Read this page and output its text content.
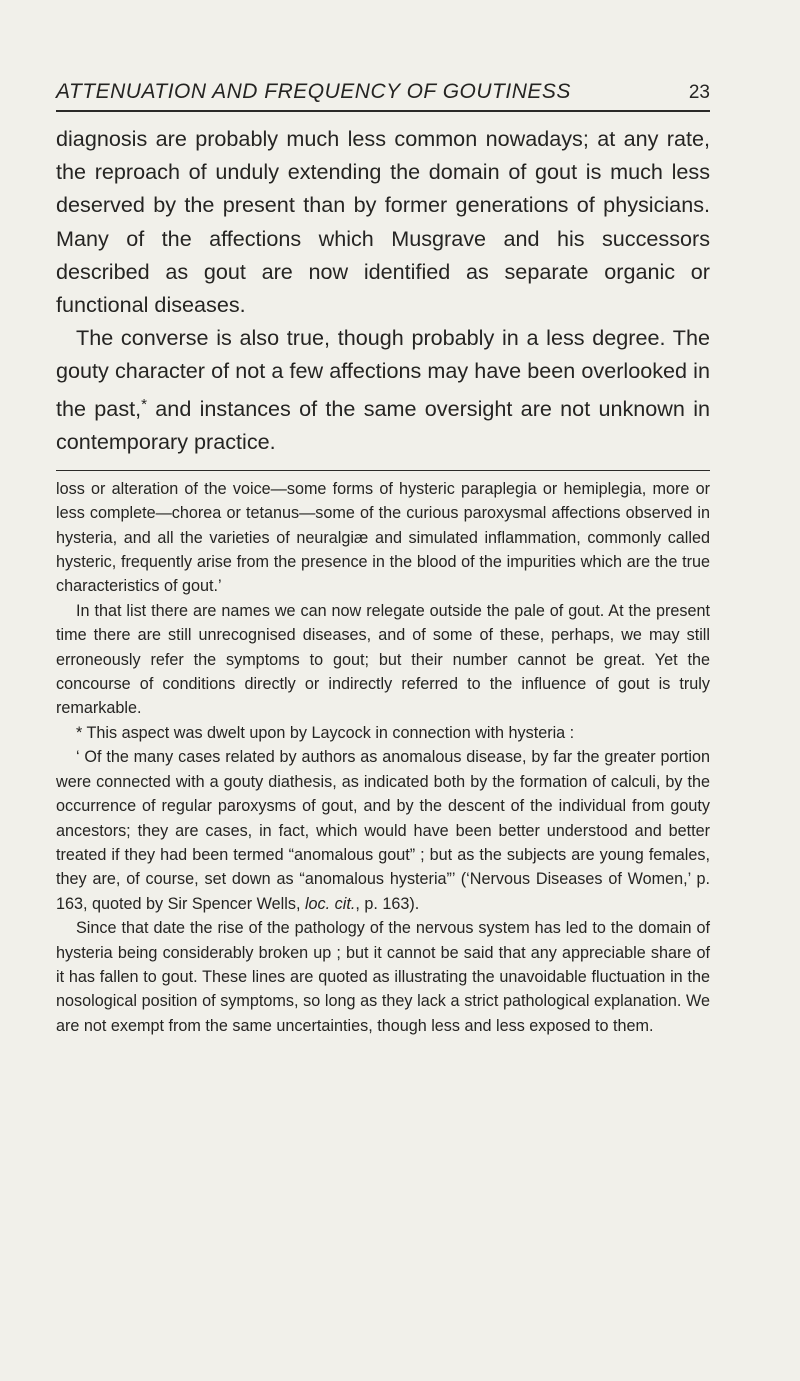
ATTENUATION AND FREQUENCY OF GOUTINESS	23

diagnosis are probably much less common nowadays; at any rate, the reproach of unduly extending the domain of gout is much less deserved by the present than by former generations of physicians. Many of the affections which Musgrave and his successors described as gout are now identified as separate organic or functional diseases.

The converse is also true, though probably in a less degree. The gouty character of not a few affections may have been overlooked in the past,* and instances of the same oversight are not unknown in contemporary practice.

loss or alteration of the voice—some forms of hysteric paraplegia or hemiplegia, more or less complete—chorea or tetanus—some of the curious paroxysmal affections observed in hysteria, and all the varieties of neuralgiæ and simulated inflammation, commonly called hysteric, frequently arise from the presence in the blood of the impurities which are the true characteristics of gout.’

In that list there are names we can now relegate outside the pale of gout. At the present time there are still unrecognised diseases, and of some of these, perhaps, we may still erroneously refer the symptoms to gout; but their number cannot be great. Yet the concourse of conditions directly or indirectly referred to the influence of gout is truly remarkable.

* This aspect was dwelt upon by Laycock in connection with hysteria :

‘ Of the many cases related by authors as anomalous disease, by far the greater portion were connected with a gouty diathesis, as indicated both by the formation of calculi, by the occurrence of regular paroxysms of gout, and by the descent of the individual from gouty ancestors; they are cases, in fact, which would have been better understood and better treated if they had been termed “anomalous gout” ; but as the subjects are young females, they are, of course, set down as “anomalous hysteria”’ (‘Nervous Diseases of Women,’ p. 163, quoted by Sir Spencer Wells, loc. cit., p. 163).

Since that date the rise of the pathology of the nervous system has led to the domain of hysteria being considerably broken up ; but it cannot be said that any appreciable share of it has fallen to gout. These lines are quoted as illustrating the unavoidable fluctuation in the nosological position of symptoms, so long as they lack a strict pathological explanation. We are not exempt from the same uncertainties, though less and less exposed to them.
